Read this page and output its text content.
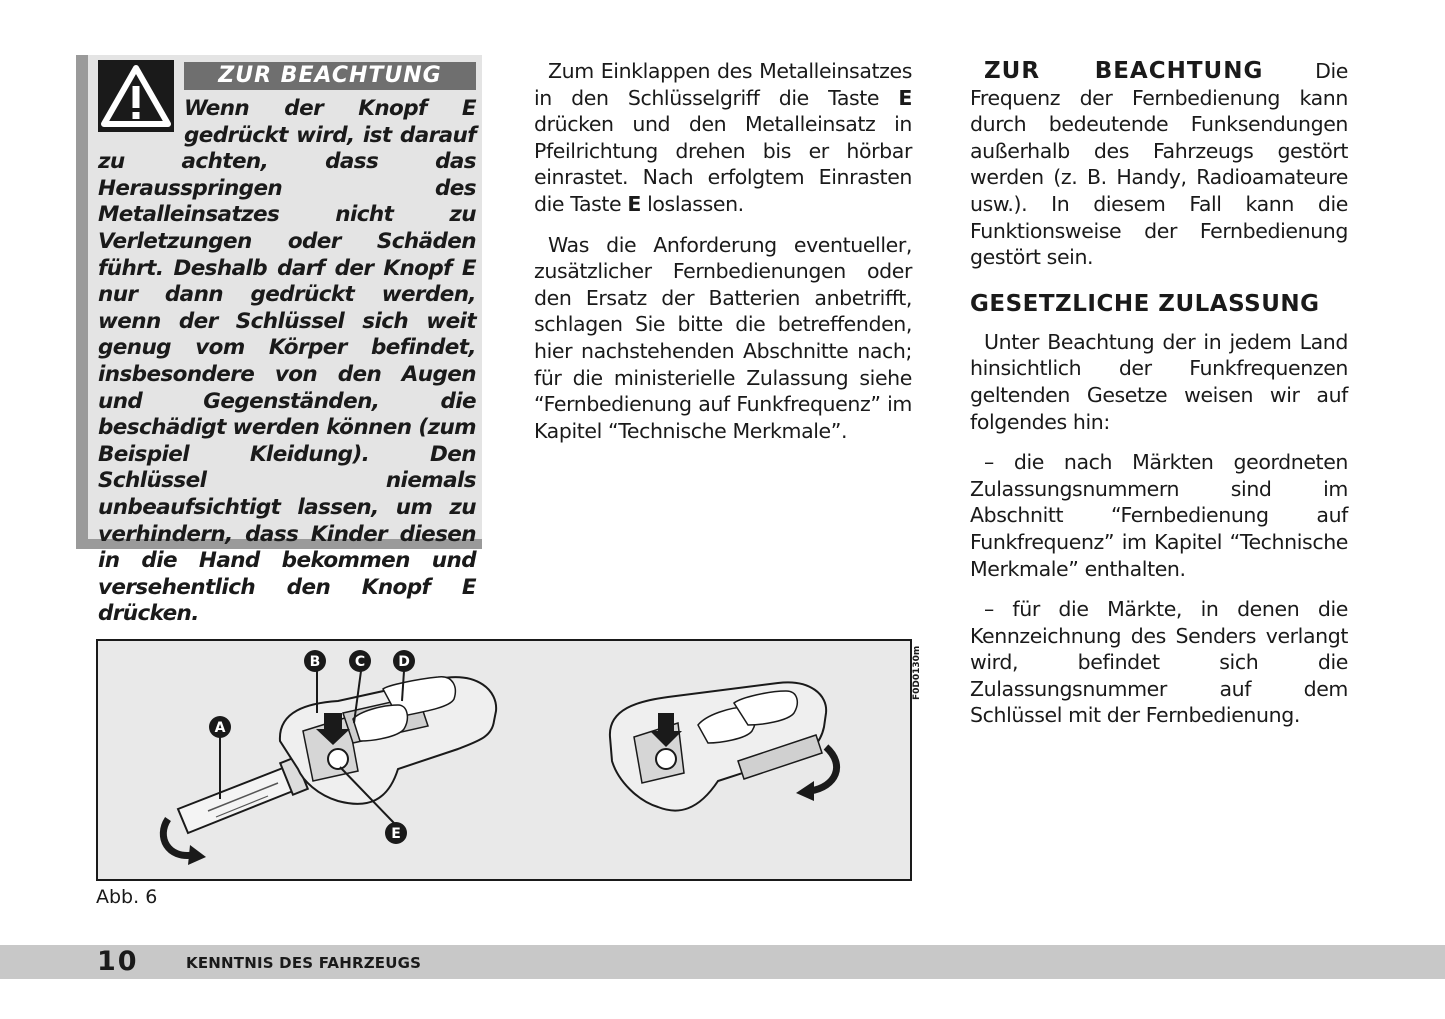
ZUR BEACHTUNG

Wenn der Knopf E gedrückt wird, ist darauf zu achten, dass das Herausspringen des Metalleinsatzes nicht zu Verletzungen oder Schäden führt. Deshalb darf der Knopf E nur dann gedrückt werden, wenn der Schlüssel sich weit genug vom Körper befindet, insbesondere von den Augen und Gegenständen, die beschädigt werden können (zum Beispiel Kleidung). Den Schlüssel niemals unbeaufsichtigt lassen, um zu verhindern, dass Kinder diesen in die Hand bekommen und versehentlich den Knopf E drücken.

Zum Einklappen des Metalleinsatzes in den Schlüsselgriff die Taste E drücken und den Metalleinsatz in Pfeilrichtung drehen bis er hörbar einrastet. Nach erfolgtem Einrasten die Taste E loslassen.

Was die Anforderung eventueller, zusätzlicher Fernbedienungen oder den Ersatz der Batterien anbetrifft, schlagen Sie bitte die betreffenden, hier nachstehenden Abschnitte nach; für die ministerielle Zulassung siehe “Fernbedienung auf Funkfrequenz” im Kapitel “Technische Merkmale”.

ZUR BEACHTUNG Die Frequenz der Fernbedienung kann durch bedeutende Funksendungen außerhalb des Fahrzeugs gestört werden (z. B. Handy, Radioamateure usw.). In diesem Fall kann die Funktionsweise der Fernbedienung gestört sein.

GESETZLICHE ZULASSUNG

Unter Beachtung der in jedem Land hinsichtlich der Funkfrequenzen geltenden Gesetze weisen wir auf folgendes hin:

– die nach Märkten geordneten Zulassungsnummern sind im Abschnitt “Fernbedienung auf Funkfrequenz” im Kapitel “Technische Merkmale” enthalten.

– für die Märkte, in denen die Kennzeichnung des Senders verlangt wird, befindet sich die Zulassungsnummer auf dem Schlüssel mit der Fernbedienung.

A
B C D
E
F0D0130m
Abb. 6
10	KENNTNIS DES FAHRZEUGS
